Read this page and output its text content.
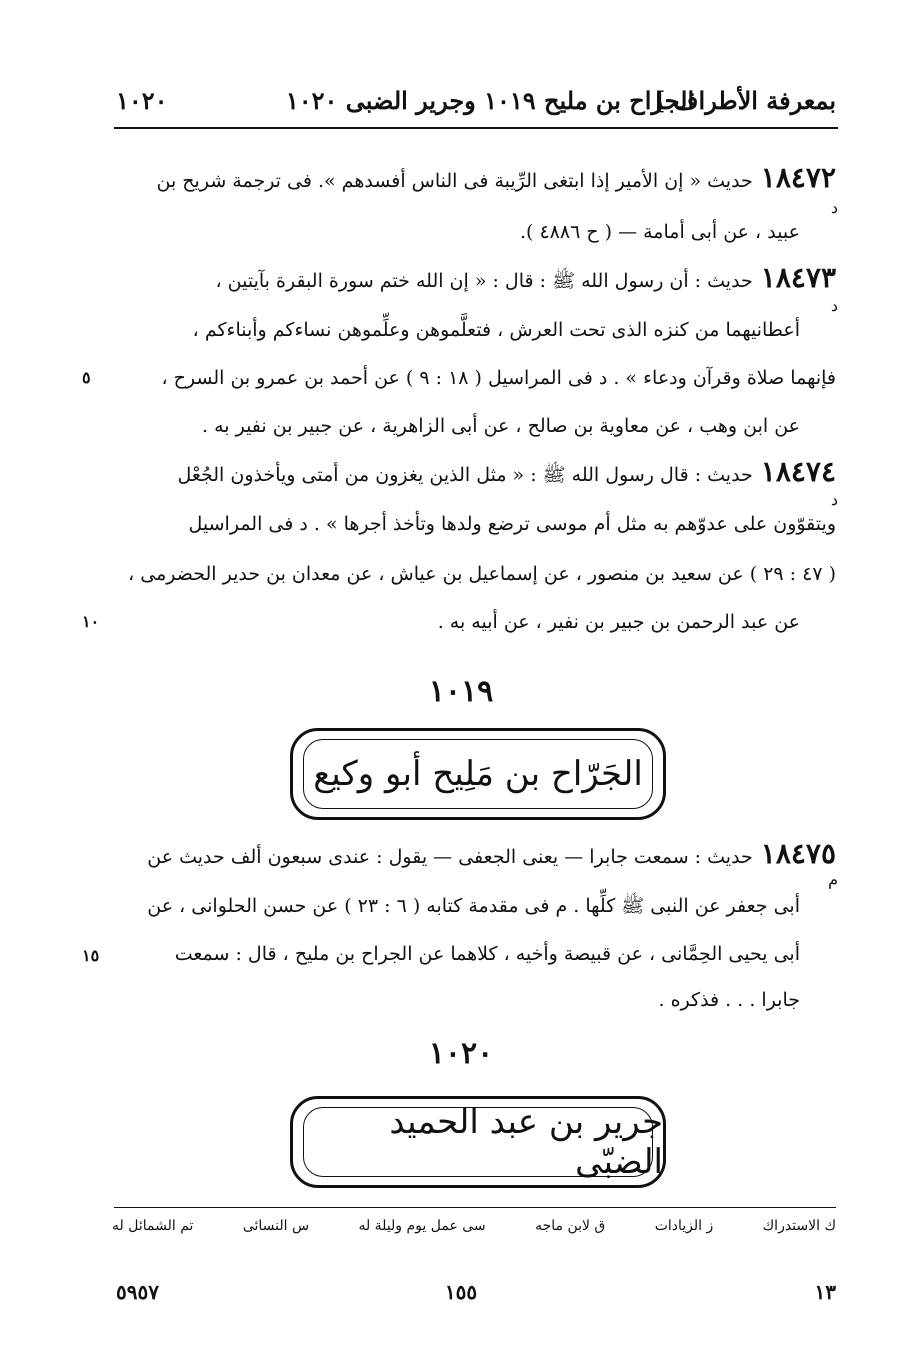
بمعرفة الأطراف ]
الجراح بن مليح ١٠١٩ وجرير الضبى ١٠٢٠
١٠٢٠
١٨٤٧٢حديث « إن الأمير إذا ابتغى الرِّيبة فى الناس أفسدهم ». فى ترجمة شريح بن
د
عبيد ، عن أبى أمامة — ( ح ٤٨٨٦ ).
١٨٤٧٣حديث : أن رسول الله ﷺ : قال : « إن الله ختم سورة البقرة بآيتين ،
د
أعطانيهما من كنزه الذى تحت العرش ، فتعلَّموهن وعلِّموهن نساءكم وأبناءكم ،
فإنهما صلاة وقرآن ودعاء » . د فى المراسيل ( ١٨ : ٩ ) عن أحمد بن عمرو بن السرح ،
٥
عن ابن وهب ، عن معاوية بن صالح ، عن أبى الزاهرية ، عن جبير بن نفير به .
١٨٤٧٤حديث : قال رسول الله ﷺ : « مثل الذين يغزون من أمتى ويأخذون الجُعْل
د
ويتقوّون على عدوّهم به مثل أم موسى ترضع ولدها وتأخذ أجرها » . د فى المراسيل
( ٤٧ : ٢٩ ) عن سعيد بن منصور ، عن إسماعيل بن عياش ، عن معدان بن حدير الحضرمى ،
عن عبد الرحمن بن جبير بن نفير ، عن أبيه به .
١٠
١٠١٩
الجَرّاح بن مَلِيح أبو وكيع
١٨٤٧٥حديث : سمعت جابرا — يعنى الجعفى — يقول : عندى سبعون ألف حديث عن
م
أبى جعفر عن النبى ﷺ كلِّها . م فى مقدمة كتابه ( ٦ : ٢٣ ) عن حسن الحلوانى ، عن
أبى يحيى الحِمَّانى ، عن قبيصة وأخيه ، كلاهما عن الجراح بن مليح ، قال : سمعت
١٥
جابرا . . . فذكره .
١٠٢٠
جرير بن عبد الحميد الضبّى
تم الشمائل له	س النسائى	سى عمل يوم وليلة له	ق لابن ماجه	ز الزيادات	ك الاستدراك
١٣
١٥٥
٥٩٥٧
